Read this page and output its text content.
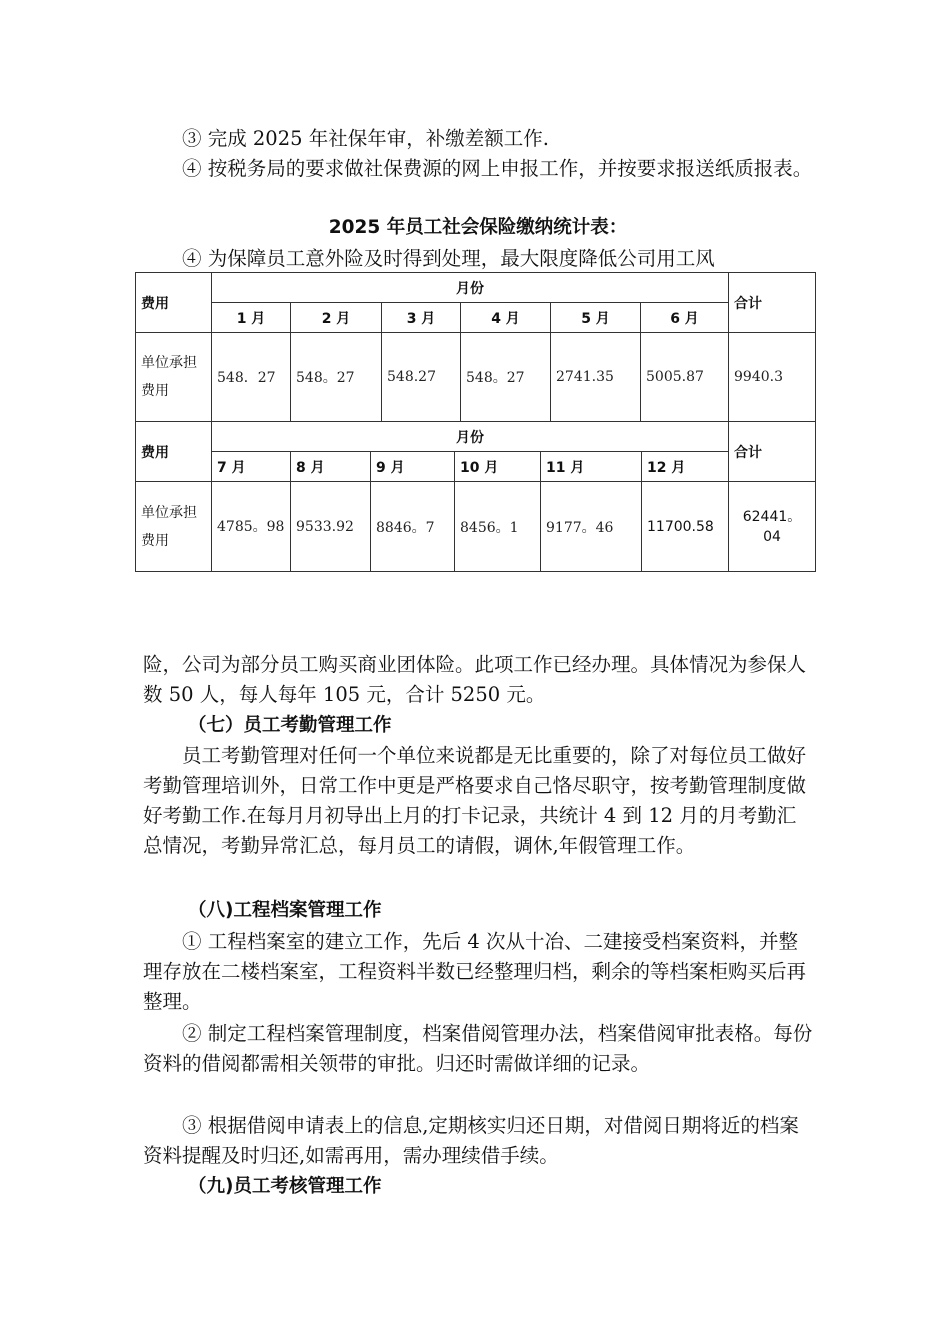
③ 完成 2025 年社保年审，补缴差额工作.

④ 按税务局的要求做社保费源的网上申报工作，并按要求报送纸质报表。

2025 年员工社会保险缴纳统计表：

④ 为保障员工意外险及时得到处理，最大限度降低公司用工风

费用	月份						合计
	1 月	2 月	3 月	4 月	5 月	6 月	
单位承担费用	548．27	548。27	548.27	548。27	2741.35	5005.87	9940.3
费用	月份						合计
	7 月	8 月	9 月	10 月	11 月	12 月	
单位承担费用	4785。98	9533.92	8846。7	8456。1	9177。46	11700.58	62441。04

险，公司为部分员工购买商业团体险。此项工作已经办理。具体情况为参保人数 50 人，每人每年 105 元，合计 5250 元。

（七）员工考勤管理工作

员工考勤管理对任何一个单位来说都是无比重要的，除了对每位员工做好考勤管理培训外，日常工作中更是严格要求自己恪尽职守，按考勤管理制度做好考勤工作.在每月月初导出上月的打卡记录，共统计 4 到 12 月的月考勤汇总情况，考勤异常汇总，每月员工的请假，调休,年假管理工作。

（八)工程档案管理工作

① 工程档案室的建立工作，先后 4 次从十冶、二建接受档案资料，并整理存放在二楼档案室，工程资料半数已经整理归档，剩余的等档案柜购买后再整理。

② 制定工程档案管理制度，档案借阅管理办法，档案借阅审批表格。每份资料的借阅都需相关领带的审批。归还时需做详细的记录。

③ 根据借阅申请表上的信息,定期核实归还日期，对借阅日期将近的档案资料提醒及时归还,如需再用，需办理续借手续。

（九)员工考核管理工作
